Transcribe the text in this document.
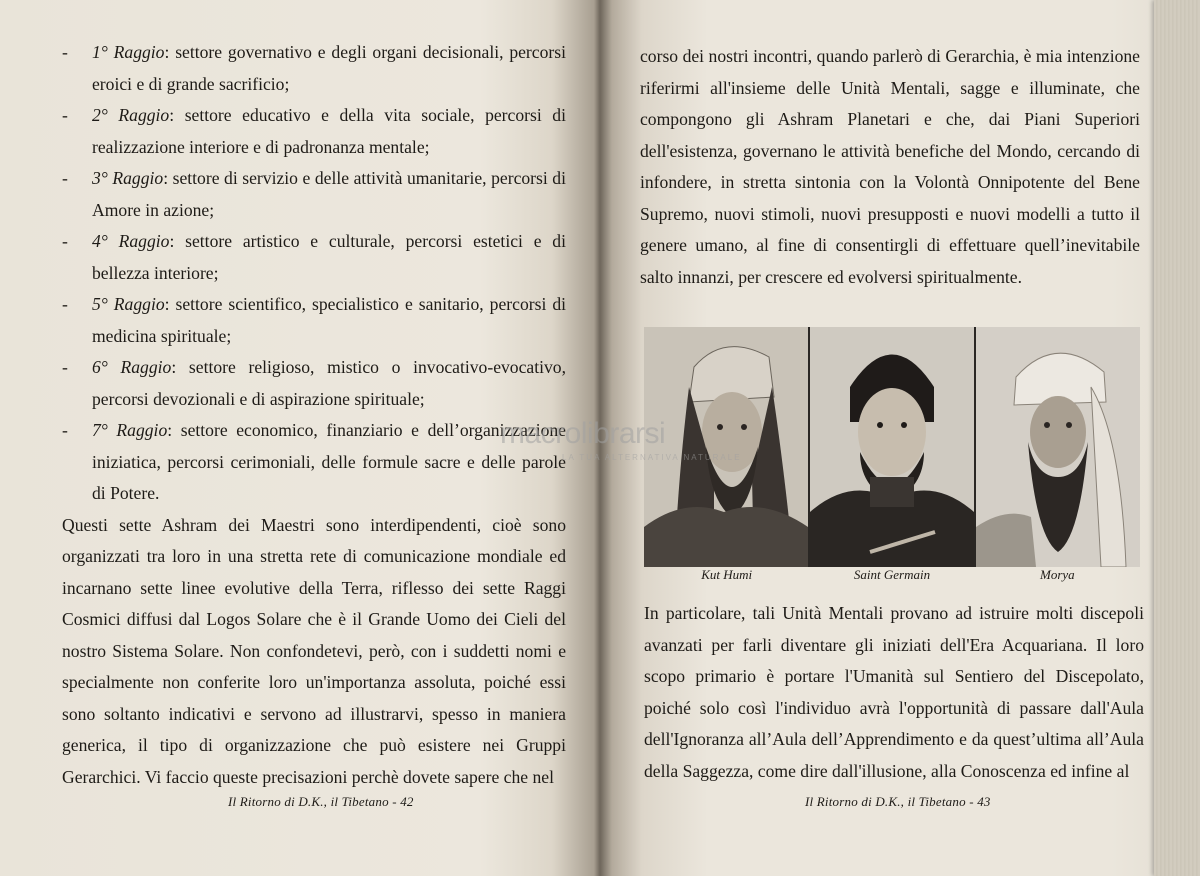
- 1° Raggio: settore governativo e degli organi decisionali, percorsi eroici e di grande sacrificio;
- 2° Raggio: settore educativo e della vita sociale, percorsi di realizzazione interiore e di padronanza mentale;
- 3° Raggio: settore di servizio e delle attività umanitarie, percorsi di Amore in azione;
- 4° Raggio: settore artistico e culturale, percorsi estetici e di bellezza interiore;
- 5° Raggio: settore scientifico, specialistico e sanitario, percorsi di medicina spirituale;
- 6° Raggio: settore religioso, mistico o invocativo-evocativo, percorsi devozionali e di aspirazione spirituale;
- 7° Raggio: settore economico, finanziario e dell’organizzazione iniziatica, percorsi cerimoniali, delle formule sacre e delle parole di Potere.
Questi sette Ashram dei Maestri sono interdipendenti, cioè sono organizzati tra loro in una stretta rete di comunicazione mondiale ed incarnano sette linee evolutive della Terra, riflesso dei sette Raggi Cosmici diffusi dal Logos Solare che è il Grande Uomo dei Cieli del nostro Sistema Solare. Non confondetevi, però, con i suddetti nomi e specialmente non conferite loro un'importanza assoluta, poiché essi sono soltanto indicativi e servono ad illustrarvi, spesso in maniera generica, il tipo di organizzazione che può esistere nei Gruppi Gerarchici. Vi faccio queste precisazioni perchè dovete sapere che nel
Il Ritorno di D.K., il Tibetano - 42
corso dei nostri incontri, quando parlerò di Gerarchia, è mia intenzione riferirmi all'insieme delle Unità Mentali, sagge e illuminate, che compongono gli Ashram Planetari e che, dai Piani Superiori dell'esistenza, governano le attività benefiche del Mondo, cercando di infondere, in stretta sintonia con la Volontà Onnipotente del Bene Supremo, nuovi stimoli, nuovi presupposti e nuovi modelli a tutto il genere umano, al fine di consentirgli di effettuare quell’inevitabile salto innanzi, per crescere ed evolversi spiritualmente.
Kut Humi	Saint Germain	Morya
In particolare, tali Unità Mentali provano ad istruire molti discepoli avanzati per farli diventare gli iniziati dell'Era Acquariana. Il loro scopo primario è portare l'Umanità sul Sentiero del Discepolato, poiché solo così l'individuo avrà l'opportunità di passare dall'Aula dell'Ignoranza all’Aula dell’Apprendimento e da quest’ultima all’Aula della Saggezza, come dire dall'illusione, alla Conoscenza ed infine al
Il Ritorno di D.K., il Tibetano - 43
macrolibrarsi
LA TUA ALTERNATIVA NATURALE
